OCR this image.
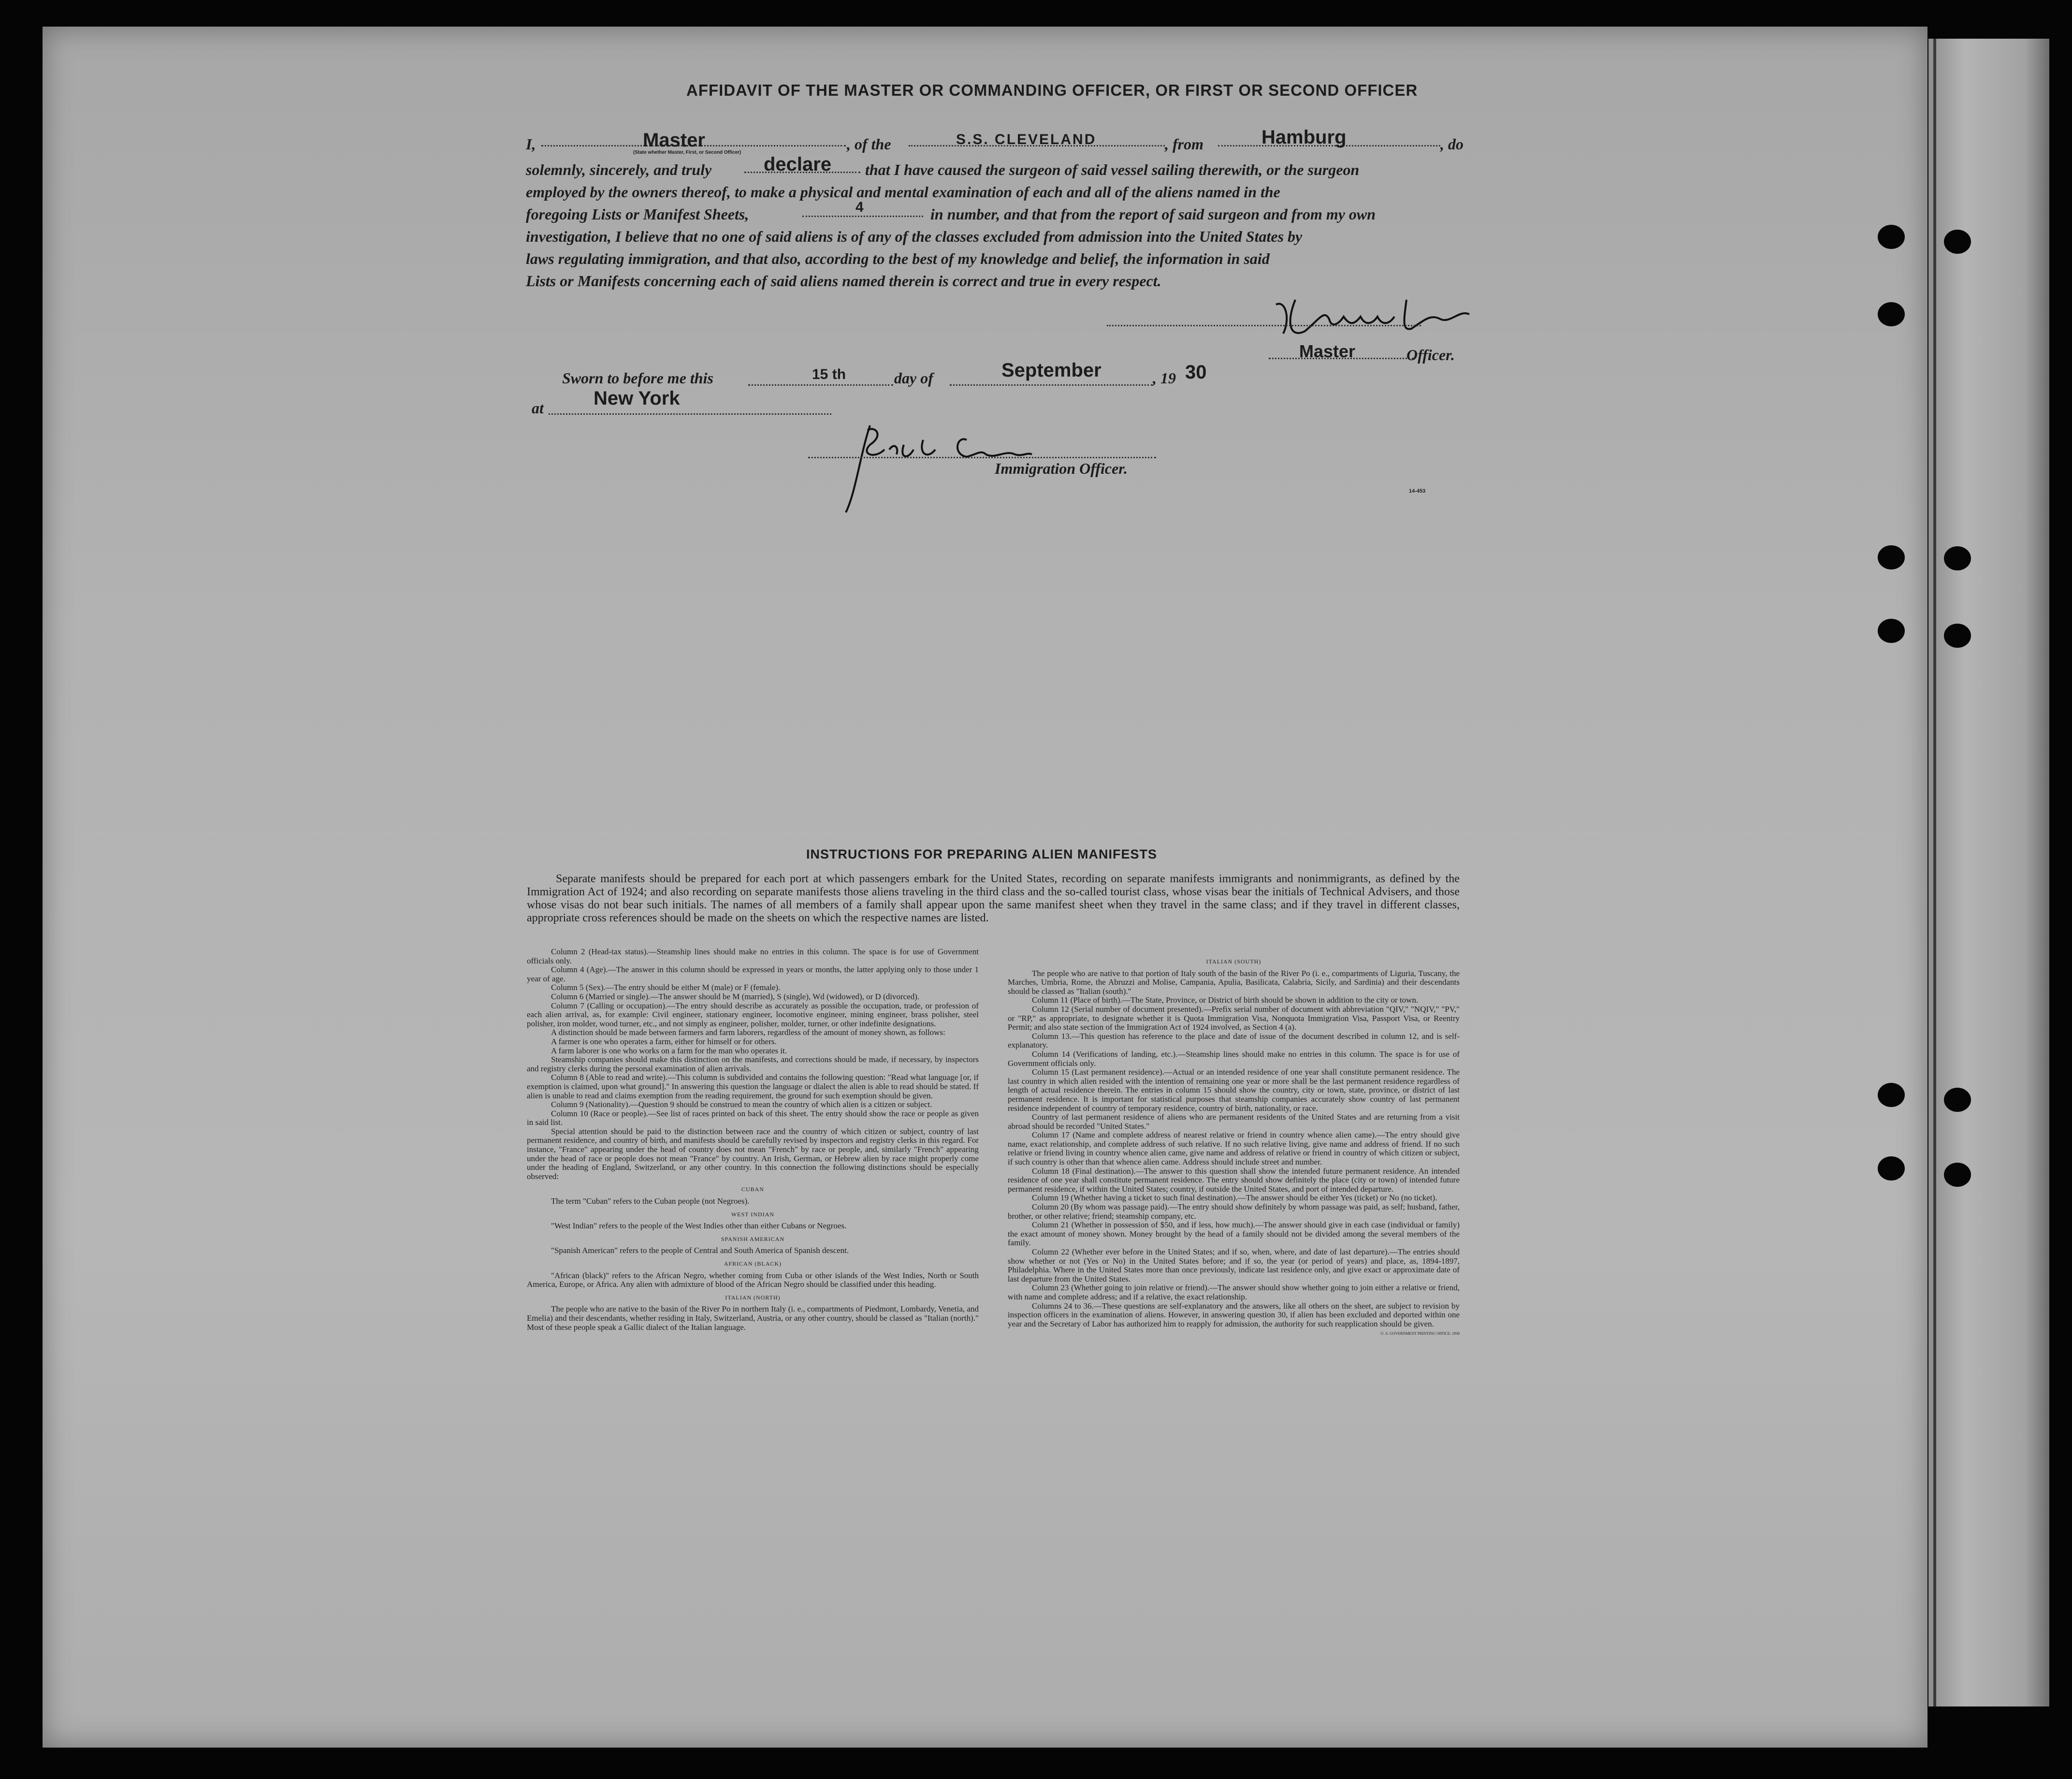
AFFIDAVIT OF THE MASTER OR COMMANDING OFFICER, OR FIRST OR SECOND OFFICER
I,	Master
(State whether Master, First, or Second Officer)	, of the	S.S. CLEVELAND	, from	Hamburg	, do
solemnly, sincerely, and truly	declare that I have caused the surgeon of said vessel sailing therewith, or the surgeon
employed by the owners thereof, to make a physical and mental examination of each and all of the aliens named in the
foregoing Lists or Manifest Sheets,	4	in number, and that from the report of said surgeon and from my own
investigation, I believe that no one of said aliens is of any of the classes excluded from admission into the United States by
laws regulating immigration, and that also, according to the best of my knowledge and belief, the information in said
Lists or Manifests concerning each of said aliens named therein is correct and true in every respect.
Master	Officer.
Sworn to before me this	15 th	day of	September	, 19 30
at	New York
Immigration Officer.
14-453
INSTRUCTIONS FOR PREPARING ALIEN MANIFESTS

Separate manifests should be prepared for each port at which passengers embark for the United States, recording on separate manifests immigrants and nonimmigrants, as defined by the Immigration Act of 1924; and also recording on separate manifests those aliens traveling in the third class and the so-called tourist class, whose visas bear the initials of Technical Advisers, and those whose visas do not bear such initials. The names of all members of a family shall appear upon the same manifest sheet when they travel in the same class; and if they travel in different classes, appropriate cross references should be made on the sheets on which the respective names are listed.

Column 2 (Head-tax status).—Steamship lines should make no entries in this column. The space is for use of Government officials only.

Column 4 (Age).—The answer in this column should be expressed in years or months, the latter applying only to those under 1 year of age.

Column 5 (Sex).—The entry should be either M (male) or F (female).

Column 6 (Married or single).—The answer should be M (married), S (single), Wd (widowed), or D (divorced).

Column 7 (Calling or occupation).—The entry should describe as accurately as possible the occupation, trade, or profession of each alien arrival, as, for example: Civil engineer, stationary engineer, locomotive engineer, mining engineer, brass polisher, steel polisher, iron molder, wood turner, etc., and not simply as engineer, polisher, molder, turner, or other indefinite designations.

A distinction should be made between farmers and farm laborers, regardless of the amount of money shown, as follows:

A farmer is one who operates a farm, either for himself or for others.

A farm laborer is one who works on a farm for the man who operates it.

Steamship companies should make this distinction on the manifests, and corrections should be made, if necessary, by inspectors and registry clerks during the personal examination of alien arrivals.

Column 8 (Able to read and write).—This column is subdivided and contains the following question: "Read what language [or, if exemption is claimed, upon what ground]." In answering this question the language or dialect the alien is able to read should be stated. If alien is unable to read and claims exemption from the reading requirement, the ground for such exemption should be given.

Column 9 (Nationality).—Question 9 should be construed to mean the country of which alien is a citizen or subject.

Column 10 (Race or people).—See list of races printed on back of this sheet. The entry should show the race or people as given in said list.

Special attention should be paid to the distinction between race and the country of which citizen or subject, country of last permanent residence, and country of birth, and manifests should be carefully revised by inspectors and registry clerks in this regard. For instance, "France" appearing under the head of country does not mean "French" by race or people, and, similarly "French" appearing under the head of race or people does not mean "France" by country. An Irish, German, or Hebrew alien by race might properly come under the heading of England, Switzerland, or any other country. In this connection the following distinctions should be especially observed:

CUBAN

The term "Cuban" refers to the Cuban people (not Negroes).

WEST INDIAN

"West Indian" refers to the people of the West Indies other than either Cubans or Negroes.

SPANISH AMERICAN

"Spanish American" refers to the people of Central and South America of Spanish descent.

AFRICAN (BLACK)

"African (black)" refers to the African Negro, whether coming from Cuba or other islands of the West Indies, North or South America, Europe, or Africa. Any alien with admixture of blood of the African Negro should be classified under this heading.

ITALIAN (NORTH)

The people who are native to the basin of the River Po in northern Italy (i. e., compartments of Piedmont, Lombardy, Venetia, and Emelia) and their descendants, whether residing in Italy, Switzerland, Austria, or any other country, should be classed as "Italian (north)." Most of these people speak a Gallic dialect of the Italian language.

ITALIAN (SOUTH)

The people who are native to that portion of Italy south of the basin of the River Po (i. e., compartments of Liguria, Tuscany, the Marches, Umbria, Rome, the Abruzzi and Molise, Campania, Apulia, Basilicata, Calabria, Sicily, and Sardinia) and their descendants should be classed as "Italian (south)."

Column 11 (Place of birth).—The State, Province, or District of birth should be shown in addition to the city or town.

Column 12 (Serial number of document presented).—Prefix serial number of document with abbreviation "QIV," "NQIV," "PV," or "RP," as appropriate, to designate whether it is Quota Immigration Visa, Nonquota Immigration Visa, Passport Visa, or Reentry Permit; and also state section of the Immigration Act of 1924 involved, as Section 4 (a).

Column 13.—This question has reference to the place and date of issue of the document described in column 12, and is self-explanatory.

Column 14 (Verifications of landing, etc.).—Steamship lines should make no entries in this column. The space is for use of Government officials only.

Column 15 (Last permanent residence).—Actual or an intended residence of one year shall constitute permanent residence. The last country in which alien resided with the intention of remaining one year or more shall be the last permanent residence regardless of length of actual residence therein. The entries in column 15 should show the country, city or town, state, province, or district of last permanent residence. It is important for statistical purposes that steamship companies accurately show country of last permanent residence independent of country of temporary residence, country of birth, nationality, or race.

Country of last permanent residence of aliens who are permanent residents of the United States and are returning from a visit abroad should be recorded "United States."

Column 17 (Name and complete address of nearest relative or friend in country whence alien came).—The entry should give name, exact relationship, and complete address of such relative. If no such relative living, give name and address of friend. If no such relative or friend living in country whence alien came, give name and address of relative or friend in country of which citizen or subject, if such country is other than that whence alien came. Address should include street and number.

Column 18 (Final destination).—The answer to this question shall show the intended future permanent residence. An intended residence of one year shall constitute permanent residence. The entry should show definitely the place (city or town) of intended future permanent residence, if within the United States; country, if outside the United States, and port of intended departure.

Column 19 (Whether having a ticket to such final destination).—The answer should be either Yes (ticket) or No (no ticket).

Column 20 (By whom was passage paid).—The entry should show definitely by whom passage was paid, as self; husband, father, brother, or other relative; friend; steamship company, etc.

Column 21 (Whether in possession of $50, and if less, how much).—The answer should give in each case (individual or family) the exact amount of money shown. Money brought by the head of a family should not be divided among the several members of the family.

Column 22 (Whether ever before in the United States; and if so, when, where, and date of last departure).—The entries should show whether or not (Yes or No) in the United States before; and if so, the year (or period of years) and place, as, 1894-1897, Philadelphia. Where in the United States more than once previously, indicate last residence only, and give exact or approximate date of last departure from the United States.

Column 23 (Whether going to join relative or friend).—The answer should show whether going to join either a relative or friend, with name and complete address; and if a relative, the exact relationship.

Columns 24 to 36.—These questions are self-explanatory and the answers, like all others on the sheet, are subject to revision by inspection officers in the examination of aliens. However, in answering question 30, if alien has been excluded and deported within one year and the Secretary of Labor has authorized him to reapply for admission, the authority for such reapplication should be given.

U. S. GOVERNMENT PRINTING OFFICE: 1930
